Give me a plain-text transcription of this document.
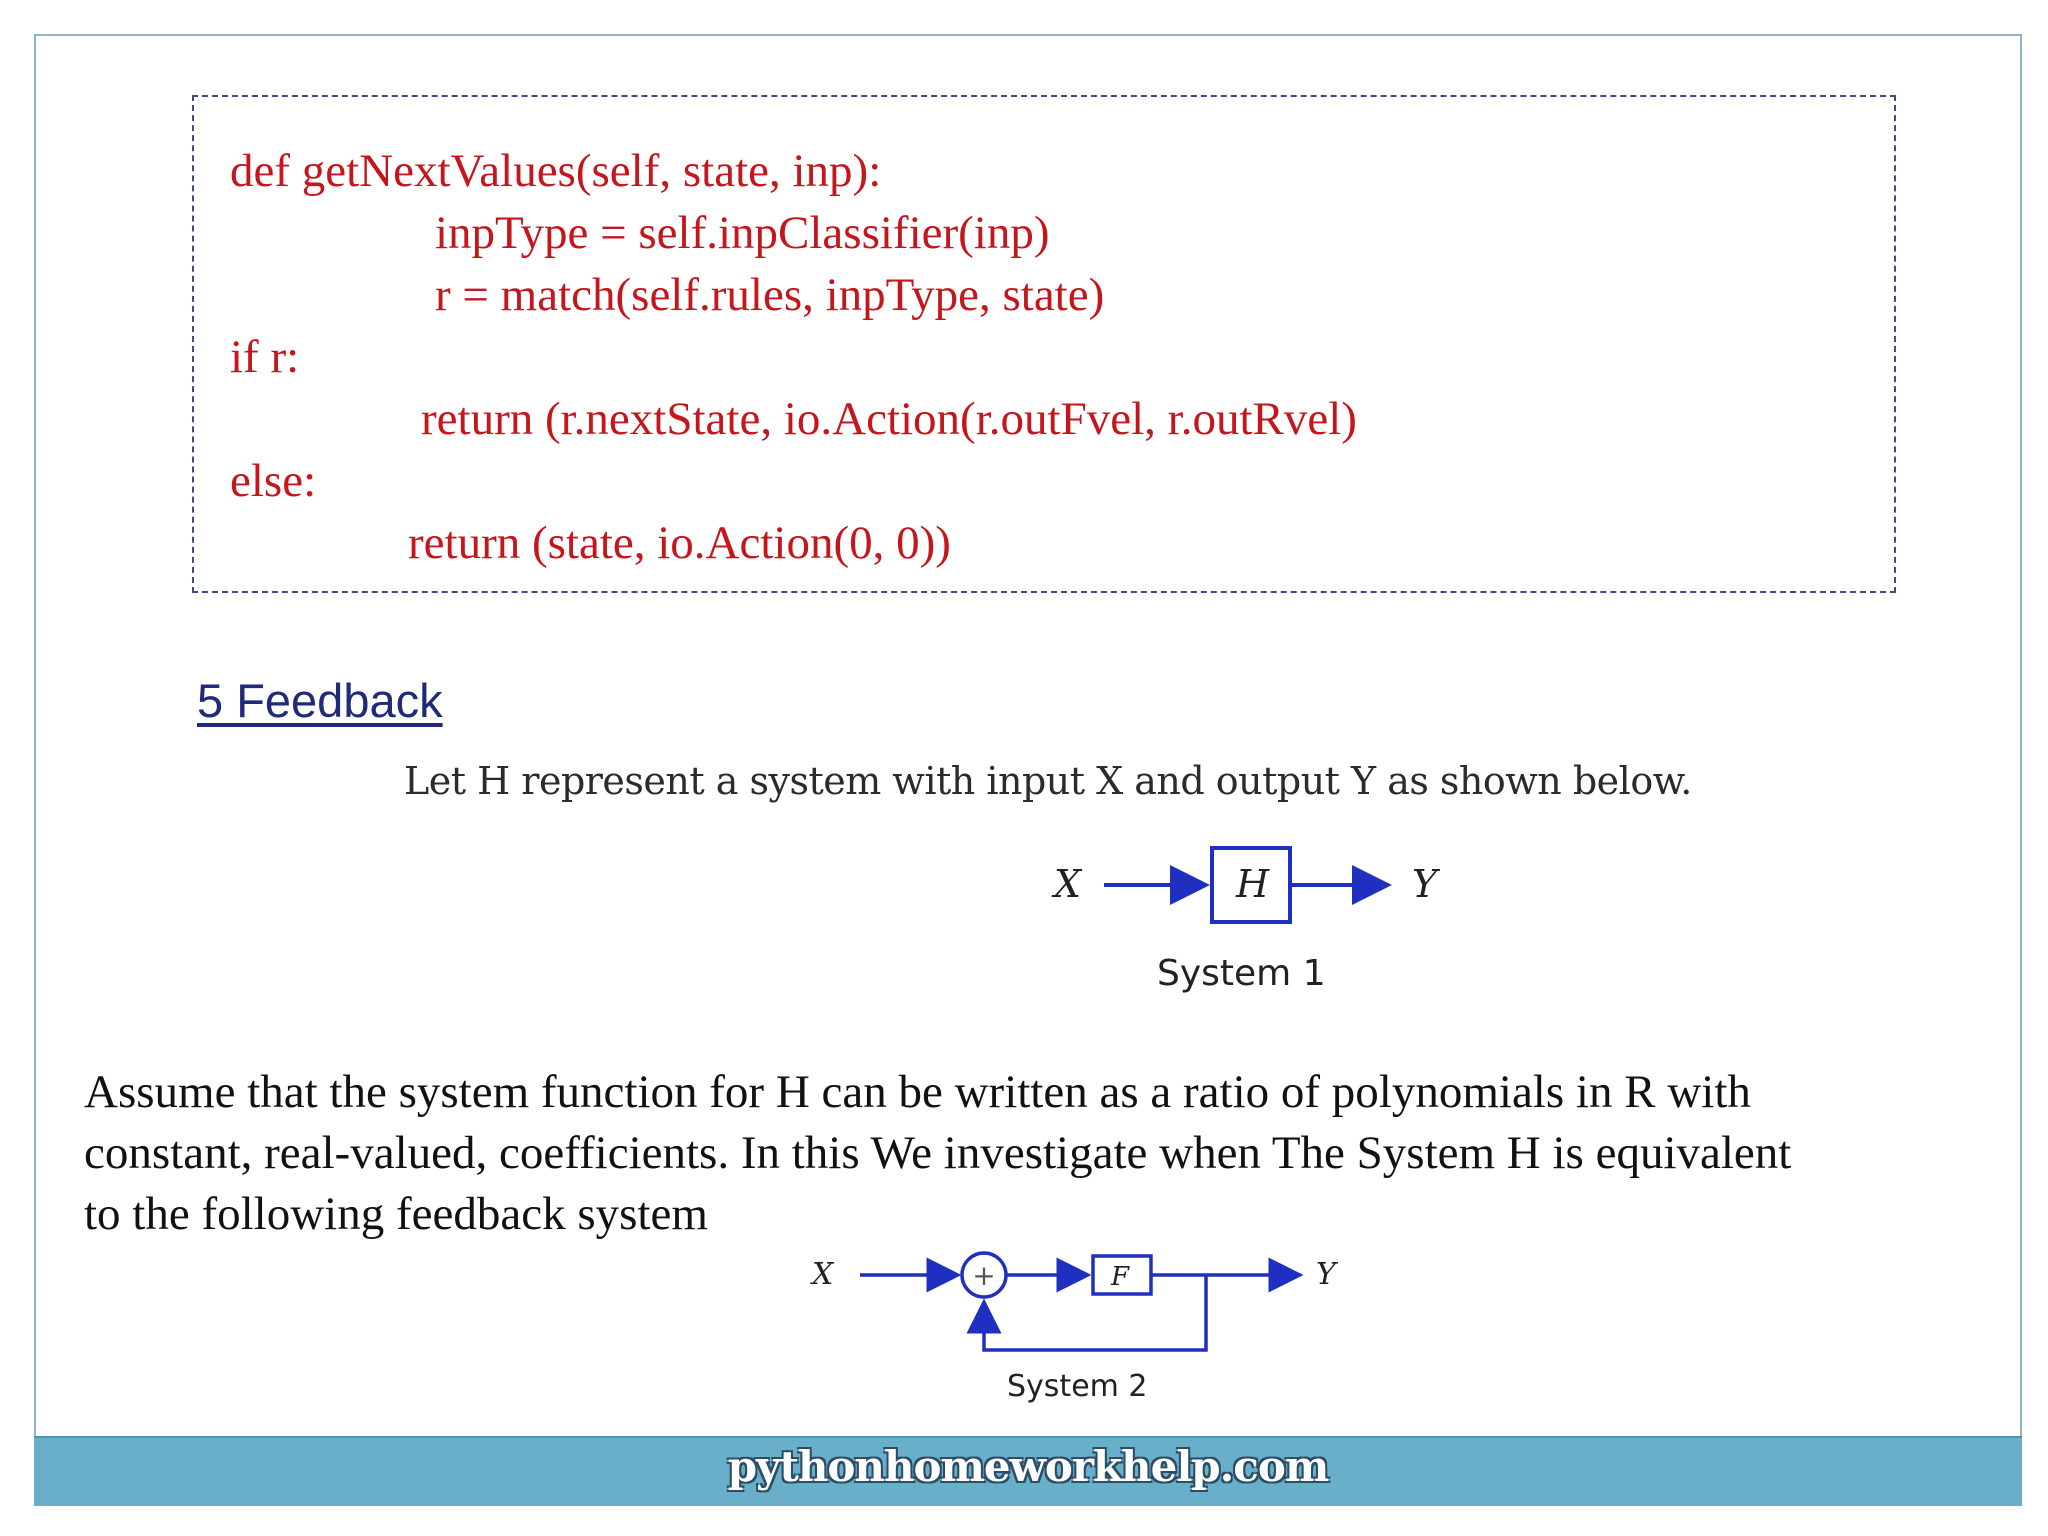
def getNextValues(self, state, inp):
inpType = self.inpClassifier(inp)
r = match(self.rules, inpType, state)
if r:
return (r.nextState, io.Action(r.outFvel, r.outRvel)
else:
return (state, io.Action(0, 0))
5 Feedback
Let H represent a system with input X and output Y as shown below.
X	H	Y
System 1
Assume that the system function for H can be written as a ratio of polynomials in R with
constant, real-valued, coefficients. In this We investigate when The System H is equivalent
to the following feedback system
X	+	F	Y
System 2
pythonhomeworkhelp.com
